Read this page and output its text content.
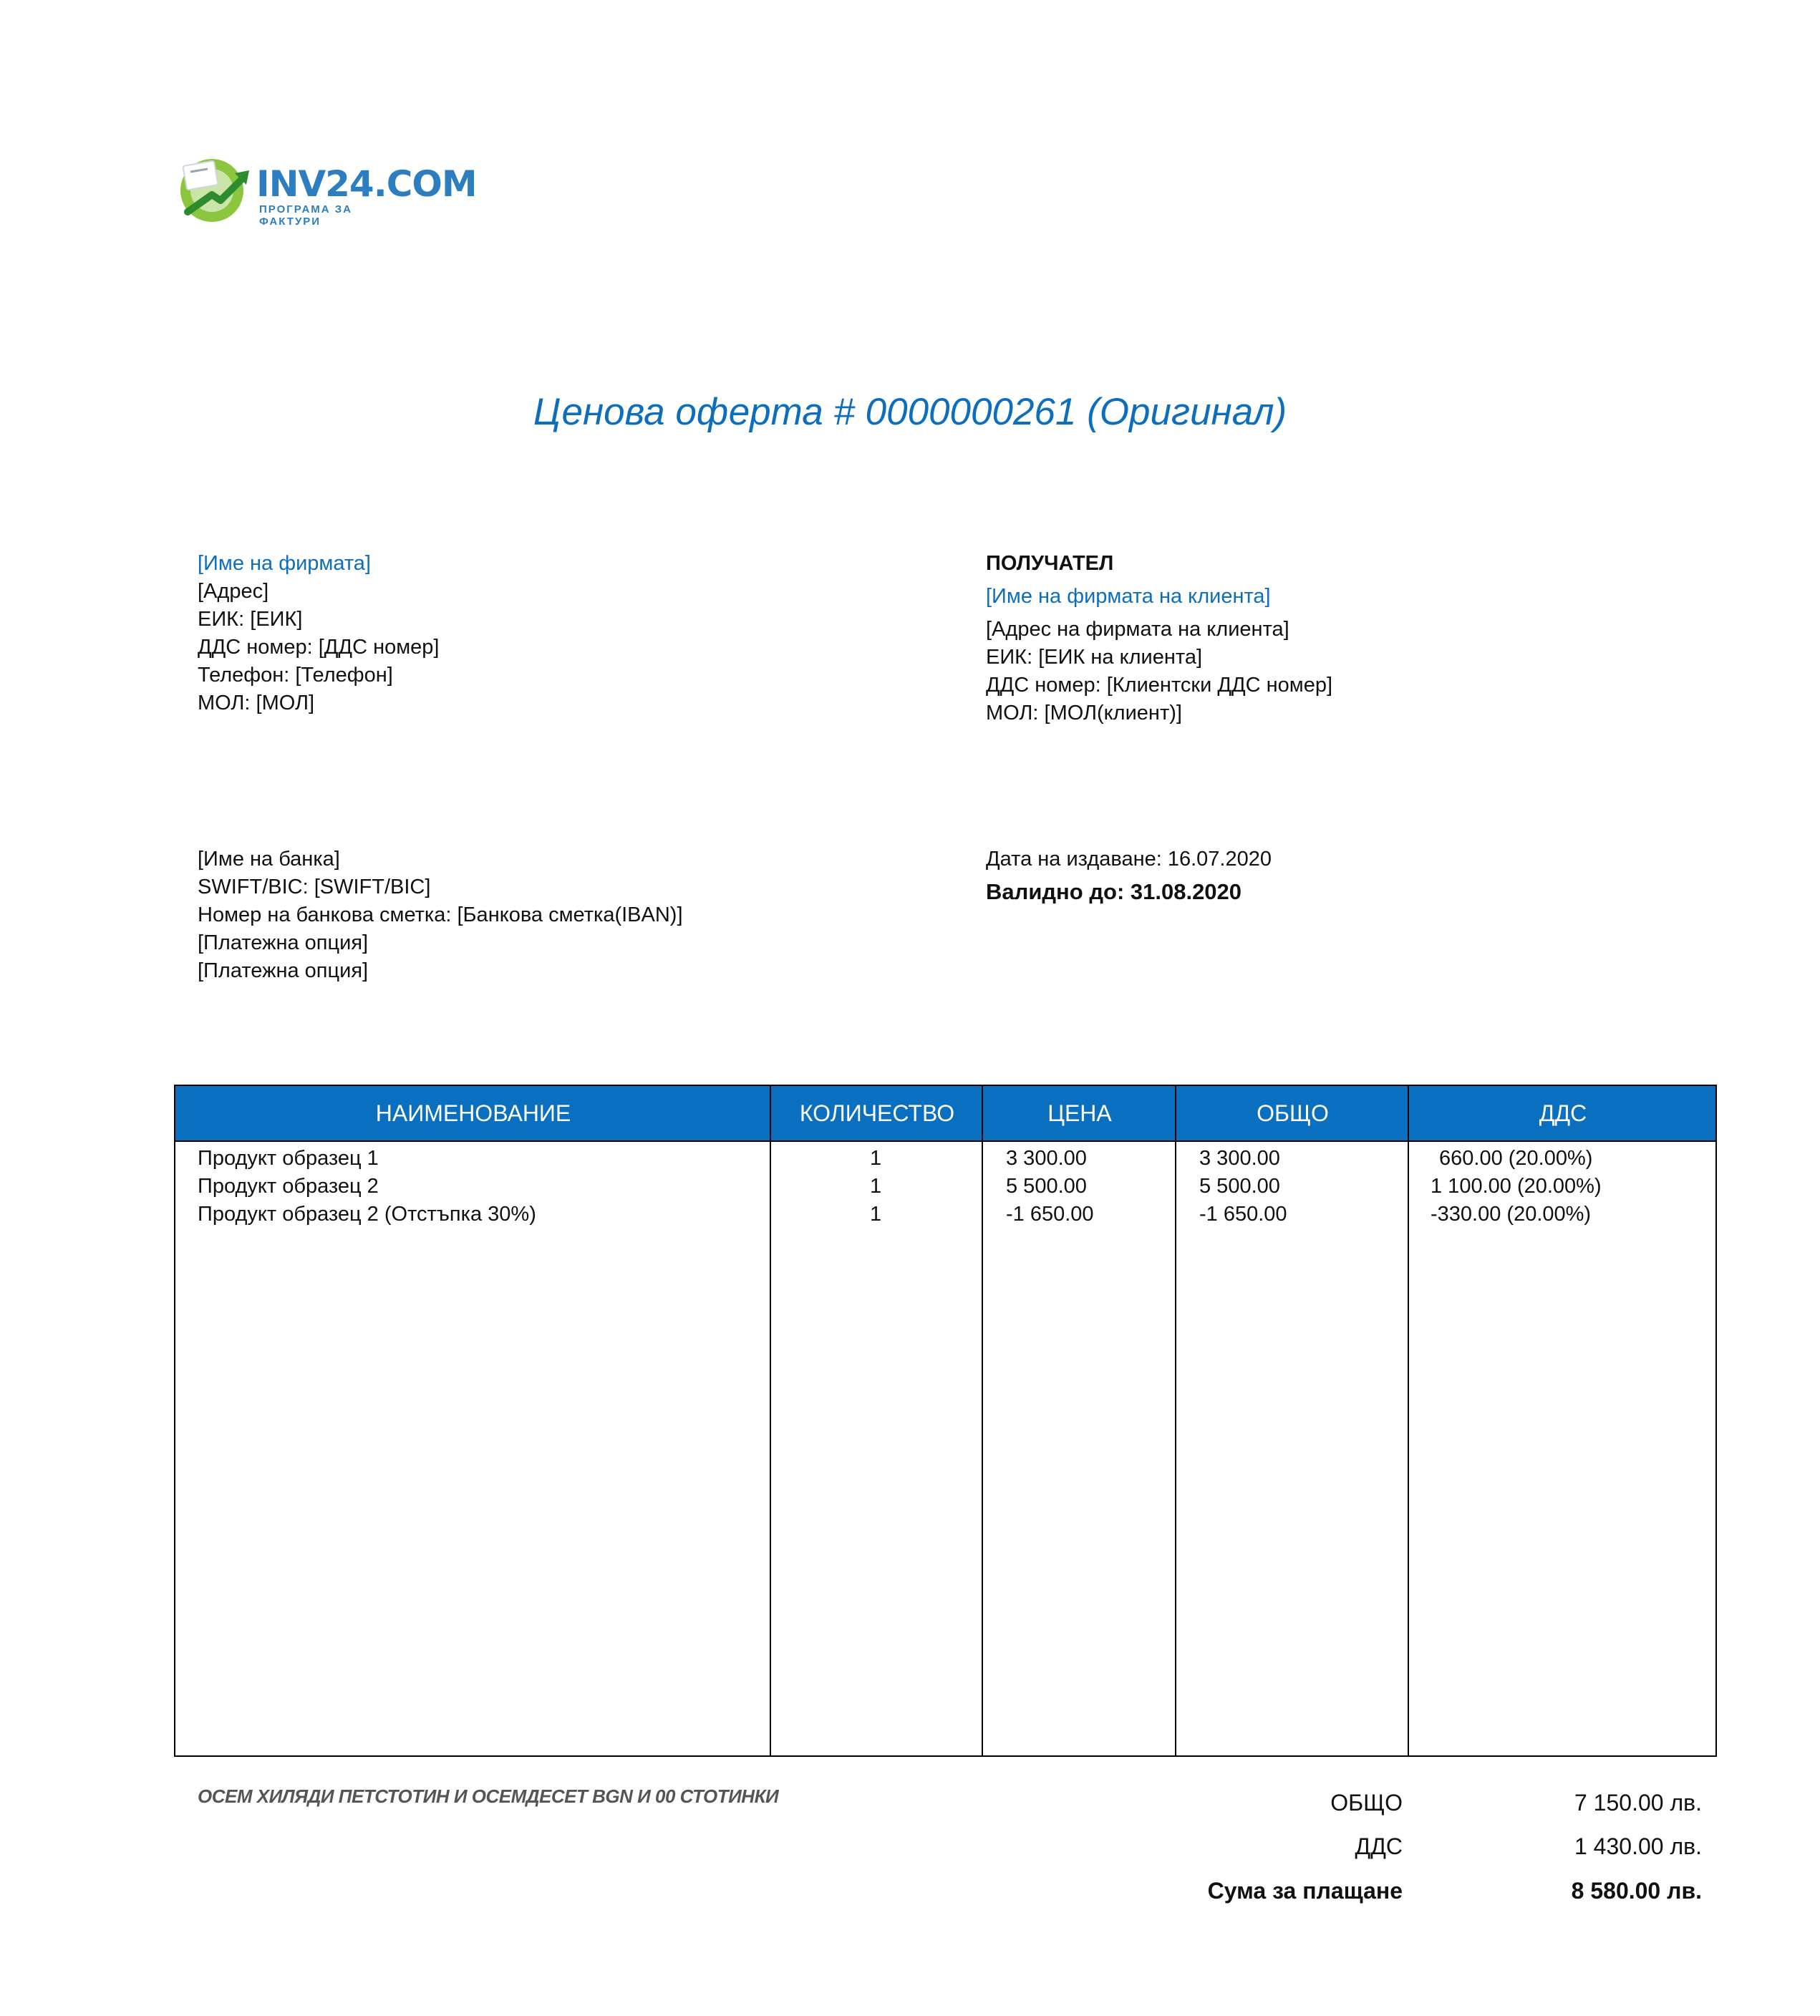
INV24.COM
ПРОГРАМА ЗА ФАКТУРИ
Ценова оферта # 0000000261 (Оригинал)
[Име на фирмата]
[Адрес]
ЕИК: [ЕИК]
ДДС номер: [ДДС номер]
Телефон: [Телефон]
МОЛ: [МОЛ]
ПОЛУЧАТЕЛ
[Име на фирмата на клиента]
[Адрес на фирмата на клиента]
ЕИК: [ЕИК на клиента]
ДДС номер: [Клиентски ДДС номер]
МОЛ: [МОЛ(клиент)]
[Име на банка]
SWIFT/BIC: [SWIFT/BIC]
Номер на банкова сметка: [Банкова сметка(IBAN)]
[Платежна опция]
[Платежна опция]
Дата на издаване: 16.07.2020
Валидно до: 31.08.2020
НАИМЕНОВАНИЕ	КОЛИЧЕСТВО	ЦЕНА	ОБЩО	ДДС
Продукт образец 1	1	3 300.00	3 300.00	660.00 (20.00%)
Продукт образец 2	1	5 500.00	5 500.00	1 100.00 (20.00%)
Продукт образец 2 (Отстъпка 30%)	1	-1 650.00	-1 650.00	-330.00 (20.00%)
ОСЕМ ХИЛЯДИ ПЕТСТОТИН И ОСЕМДЕСЕТ BGN И 00 СТОТИНКИ	ОБЩО	7 150.00 лв.
ДДС	1 430.00 лв.
Сума за плащане	8 580.00 лв.
